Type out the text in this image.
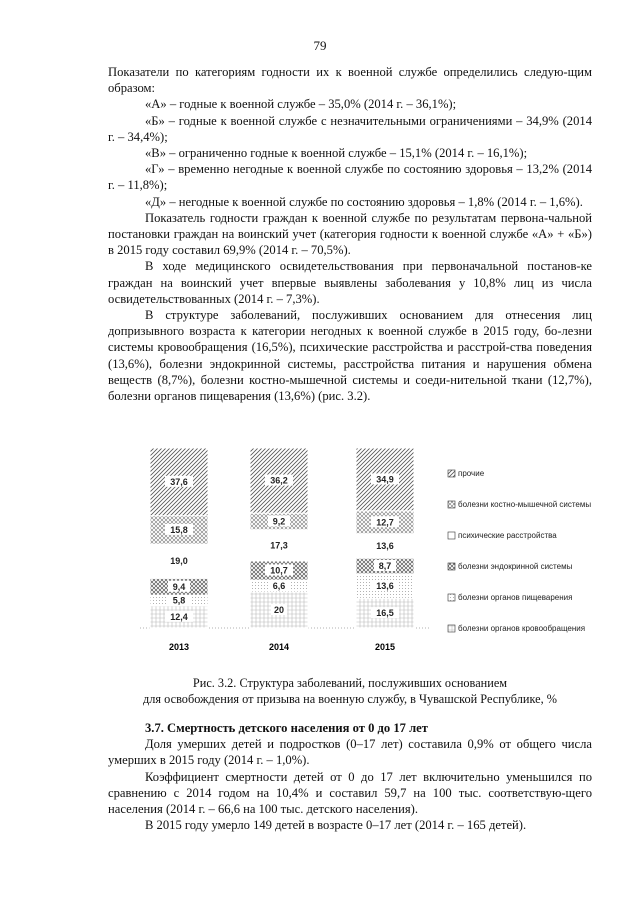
79

Показатели по категориям годности их к военной службе определились следую-щим образом:

«А» – годные к военной службе – 35,0% (2014 г. – 36,1%);

«Б» – годные к военной службе с незначительными ограничениями – 34,9% (2014 г. – 34,4%);

«В» – ограниченно годные к военной службе – 15,1% (2014 г. – 16,1%);

«Г» – временно негодные к военной службе по состоянию здоровья – 13,2% (2014 г. – 11,8%);

«Д» – негодные к военной службе по состоянию здоровья – 1,8% (2014 г. – 1,6%).

Показатель годности граждан к военной службе по результатам первона-чальной постановки граждан на воинский учет (категория годности к военной службе «А» + «Б») в 2015 году составил 69,9% (2014 г. – 70,5%).

В ходе медицинского освидетельствования при первоначальной постанов-ке граждан на воинский учет впервые выявлены заболевания у 10,8% лиц из числа освидетельствованных (2014 г. – 7,3%).

В структуре заболеваний, послуживших основанием для отнесения лиц допризывного возраста к категории негодных к военной службе в 2015 году, бо-лезни системы кровообращения (16,5%), психические расстройства и расстрой-ства поведения (13,6%), болезни эндокринной системы, расстройства питания и нарушения обмена веществ (8,7%), болезни костно-мышечной системы и соеди-нительной ткани (12,7%), болезни органов пищеварения (13,6%) (рис. 3.2).

12,4
5,8
9,4
19,0
15,8
37,6
2013
20
6,6
10,7
17,3
9,2
36,2
2014
16,5
13,6
8,7
13,6
12,7
34,9
2015
прочие
болезни костно-мышечной системы
психические расстройства
болезни эндокринной системы
болезни органов пищеварения
болезни органов кровообращения
Рис. 3.2. Структура заболеваний, послуживших основанием
для освобождения от призыва на военную службу, в Чувашской Республике, %

3.7. Смертность детского населения от 0 до 17 лет

Доля умерших детей и подростков (0–17 лет) составила 0,9% от общего числа умерших в 2015 году (2014 г. – 1,0%).

Коэффициент смертности детей от 0 до 17 лет включительно уменьшился по сравнению с 2014 годом на 10,4% и составил 59,7 на 100 тыс. соответствую-щего населения (2014 г. – 66,6 на 100 тыс. детского населения).

В 2015 году умерло 149 детей в возрасте 0–17 лет (2014 г. – 165 детей).
